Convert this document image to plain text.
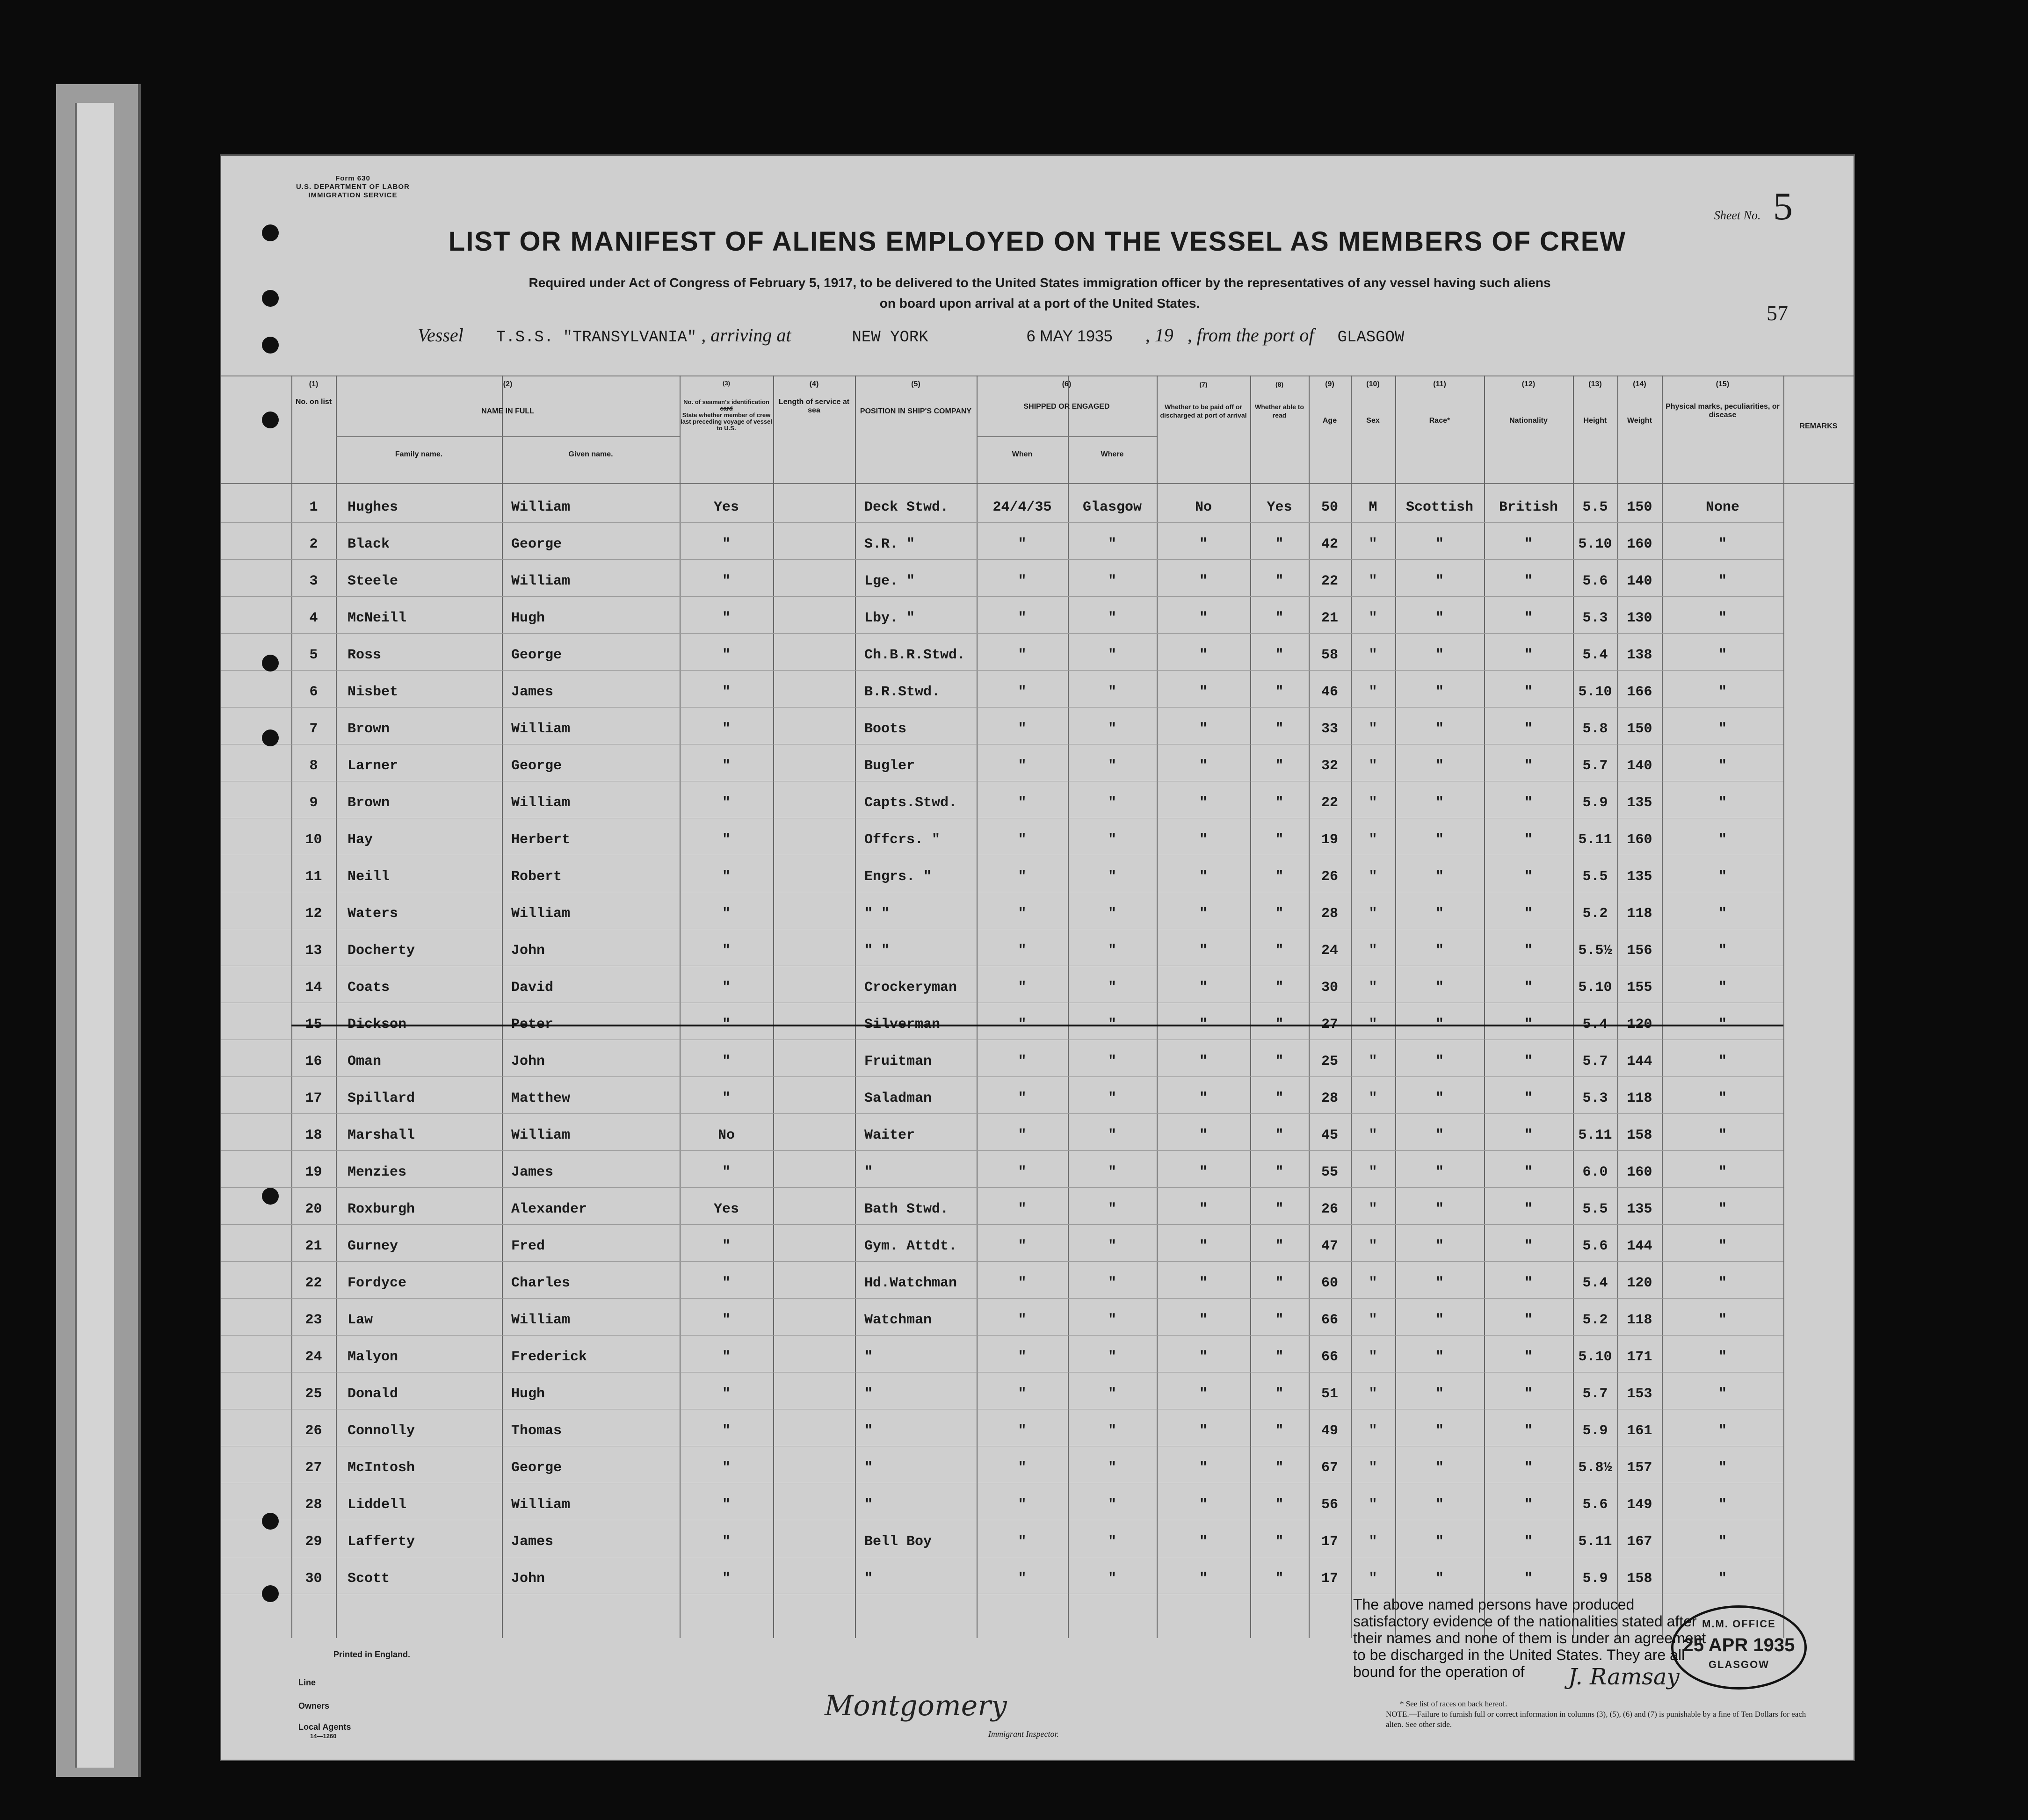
Form 630
U.S. DEPARTMENT OF LABOR
IMMIGRATION SERVICE
Sheet No. 5
LIST OR MANIFEST OF ALIENS EMPLOYED ON THE VESSEL AS MEMBERS OF CREW
Required under Act of Congress of February 5, 1917, to be delivered to the United States immigration officer by the representatives of any vessel having such aliens
on board upon arrival at a port of the United States.	57
Vessel T.S.S. "TRANSYLVANIA" , arriving at	NEW YORK	6 MAY 1935 , 19 , from the port of GLASGOW
(1)
No. on list
(2)
NAME IN FULL
Family name.	Given name.
(3)
No. of seaman's identification card
State whether member of crew last preceding voyage of vessel to U.S.
(4)
Length of service at sea
(5)
POSITION IN SHIP'S COMPANY
(6)
SHIPPED OR ENGAGED
When	Where
(7)
Whether to be paid off or discharged at port of arrival
(8)
Whether able to read
(9)
Age
(10)
Sex
(11)
Race*
(12)
Nationality
(13)
Height
(14)
Weight
(15)
Physical marks, peculiarities, or disease
REMARKS
1	Hughes	William	Yes	Deck Stwd.	24/4/35	Glasgow	No	Yes	50	M	Scottish	British	5.5	150	None
2	Black	George	"	S.R. "	"	"	"	"	42	"	"	"	5.10	160	"
3	Steele	William	"	Lge. "	"	"	"	"	22	"	"	"	5.6	140	"
4	McNeill	Hugh	"	Lby. "	"	"	"	"	21	"	"	"	5.3	130	"
5	Ross	George	"	Ch.B.R.Stwd.	"	"	"	"	58	"	"	"	5.4	138	"
6	Nisbet	James	"	B.R.Stwd.	"	"	"	"	46	"	"	"	5.10	166	"
7	Brown	William	"	Boots	"	"	"	"	33	"	"	"	5.8	150	"
8	Larner	George	"	Bugler	"	"	"	"	32	"	"	"	5.7	140	"
9	Brown	William	"	Capts.Stwd.	"	"	"	"	22	"	"	"	5.9	135	"
10	Hay	Herbert	"	Offcrs. "	"	"	"	"	19	"	"	"	5.11	160	"
11	Neill	Robert	"	Engrs. "	"	"	"	"	26	"	"	"	5.5	135	"
12	Waters	William	"	" "	"	"	"	"	28	"	"	"	5.2	118	"
13	Docherty	John	"	" "	"	"	"	"	24	"	"	"	5.5½	156	"
14	Coats	David	"	Crockeryman	"	"	"	"	30	"	"	"	5.10	155	"
15	Dickson	Peter	"	Silverman	"	"	"	"	27	"	"	"	5.4	120	"
16	Oman	John	"	Fruitman	"	"	"	"	25	"	"	"	5.7	144	"
17	Spillard	Matthew	"	Saladman	"	"	"	"	28	"	"	"	5.3	118	"
18	Marshall	William	No	Waiter	"	"	"	"	45	"	"	"	5.11	158	"
19	Menzies	James	"	"	"	"	"	"	55	"	"	"	6.0	160	"
20	Roxburgh	Alexander	Yes	Bath Stwd.	"	"	"	"	26	"	"	"	5.5	135	"
21	Gurney	Fred	"	Gym. Attdt.	"	"	"	"	47	"	"	"	5.6	144	"
22	Fordyce	Charles	"	Hd.Watchman	"	"	"	"	60	"	"	"	5.4	120	"
23	Law	William	"	Watchman	"	"	"	"	66	"	"	"	5.2	118	"
24	Malyon	Frederick	"	"	"	"	"	"	66	"	"	"	5.10	171	"
25	Donald	Hugh	"	"	"	"	"	"	51	"	"	"	5.7	153	"
26	Connolly	Thomas	"	"	"	"	"	"	49	"	"	"	5.9	161	"
27	McIntosh	George	"	"	"	"	"	"	67	"	"	"	5.8½	157	"
28	Liddell	William	"	"	"	"	"	"	56	"	"	"	5.6	149	"
29	Lafferty	James	"	Bell Boy	"	"	"	"	17	"	"	"	5.11	167	"
30	Scott	John	"	"	"	"	"	"	17	"	"	"	5.9	158	"
Printed in England.
Line
Owners
Local Agents
14—1260
Montgomery
Immigrant Inspector.
The above named persons have produced satisfactory evidence of the nationalities stated after their names and none of them is under an agreement to be discharged in the United States. They are all bound for the operation of	J. Ramsay
M.M. OFFICE
25 APR 1935
GLASGOW
* See list of races on back hereof.
NOTE.—Failure to furnish full or correct information in columns (3), (5), (6) and (7) is punishable by a fine of Ten Dollars for each alien. See other side.
